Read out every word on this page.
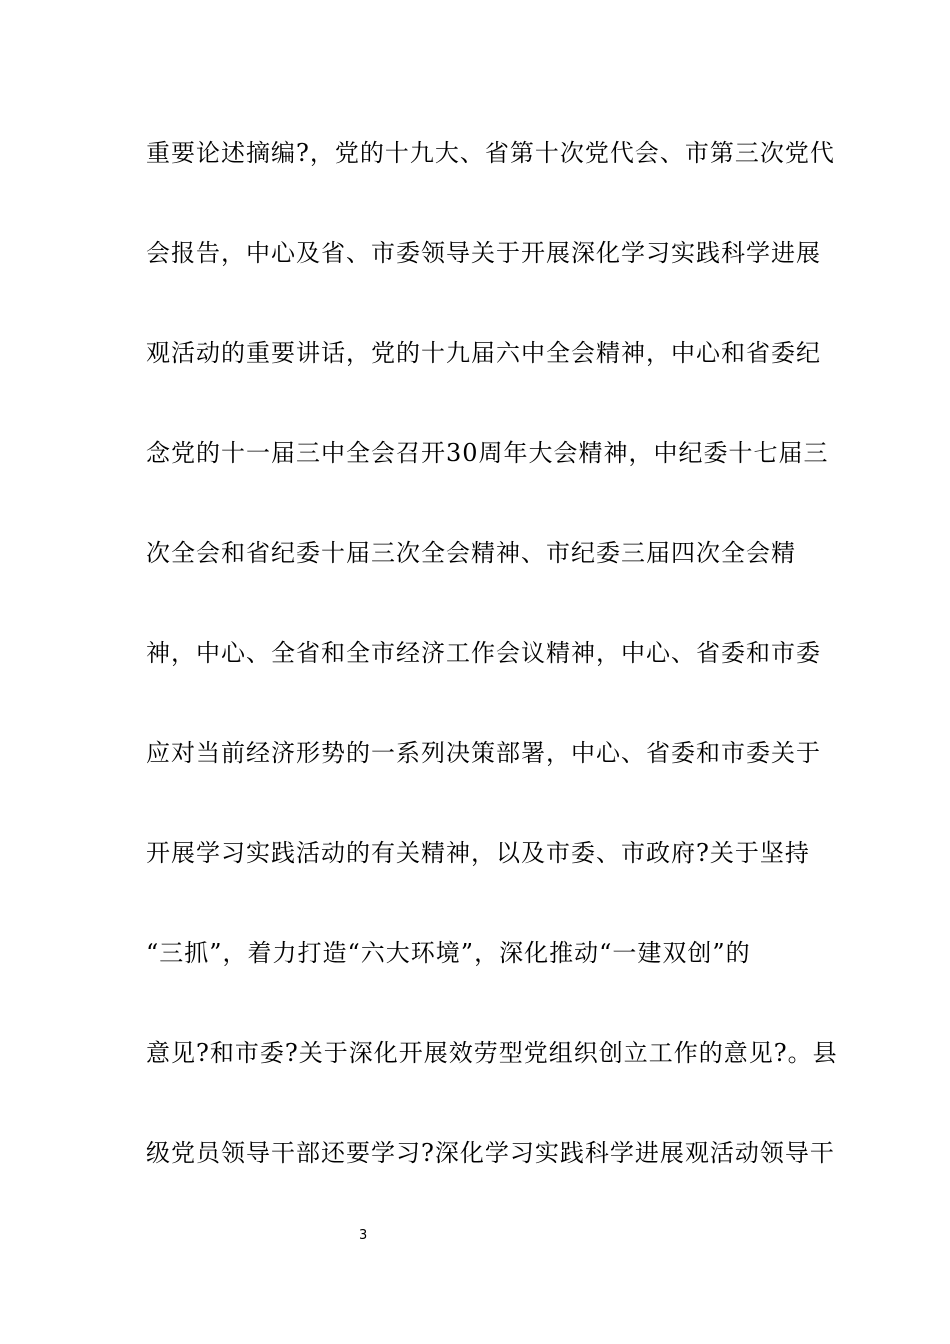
重要论述摘编?，党的十九大、省第十次党代会、市第三次党代
会报告，中心及省、市委领导关于开展深化学习实践科学进展
观活动的重要讲话，党的十九届六中全会精神，中心和省委纪
念党的十一届三中全会召开30周年大会精神，中纪委十七届三
次全会和省纪委十届三次全会精神、市纪委三届四次全会精
神，中心、全省和全市经济工作会议精神，中心、省委和市委
应对当前经济形势的一系列决策部署，中心、省委和市委关于
开展学习实践活动的有关精神，以及市委、市政府?关于坚持
“三抓”，着力打造“六大环境”，深化推动“一建双创”的
意见?和市委?关于深化开展效劳型党组织创立工作的意见?。县
级党员领导干部还要学习?深化学习实践科学进展观活动领导干
3
